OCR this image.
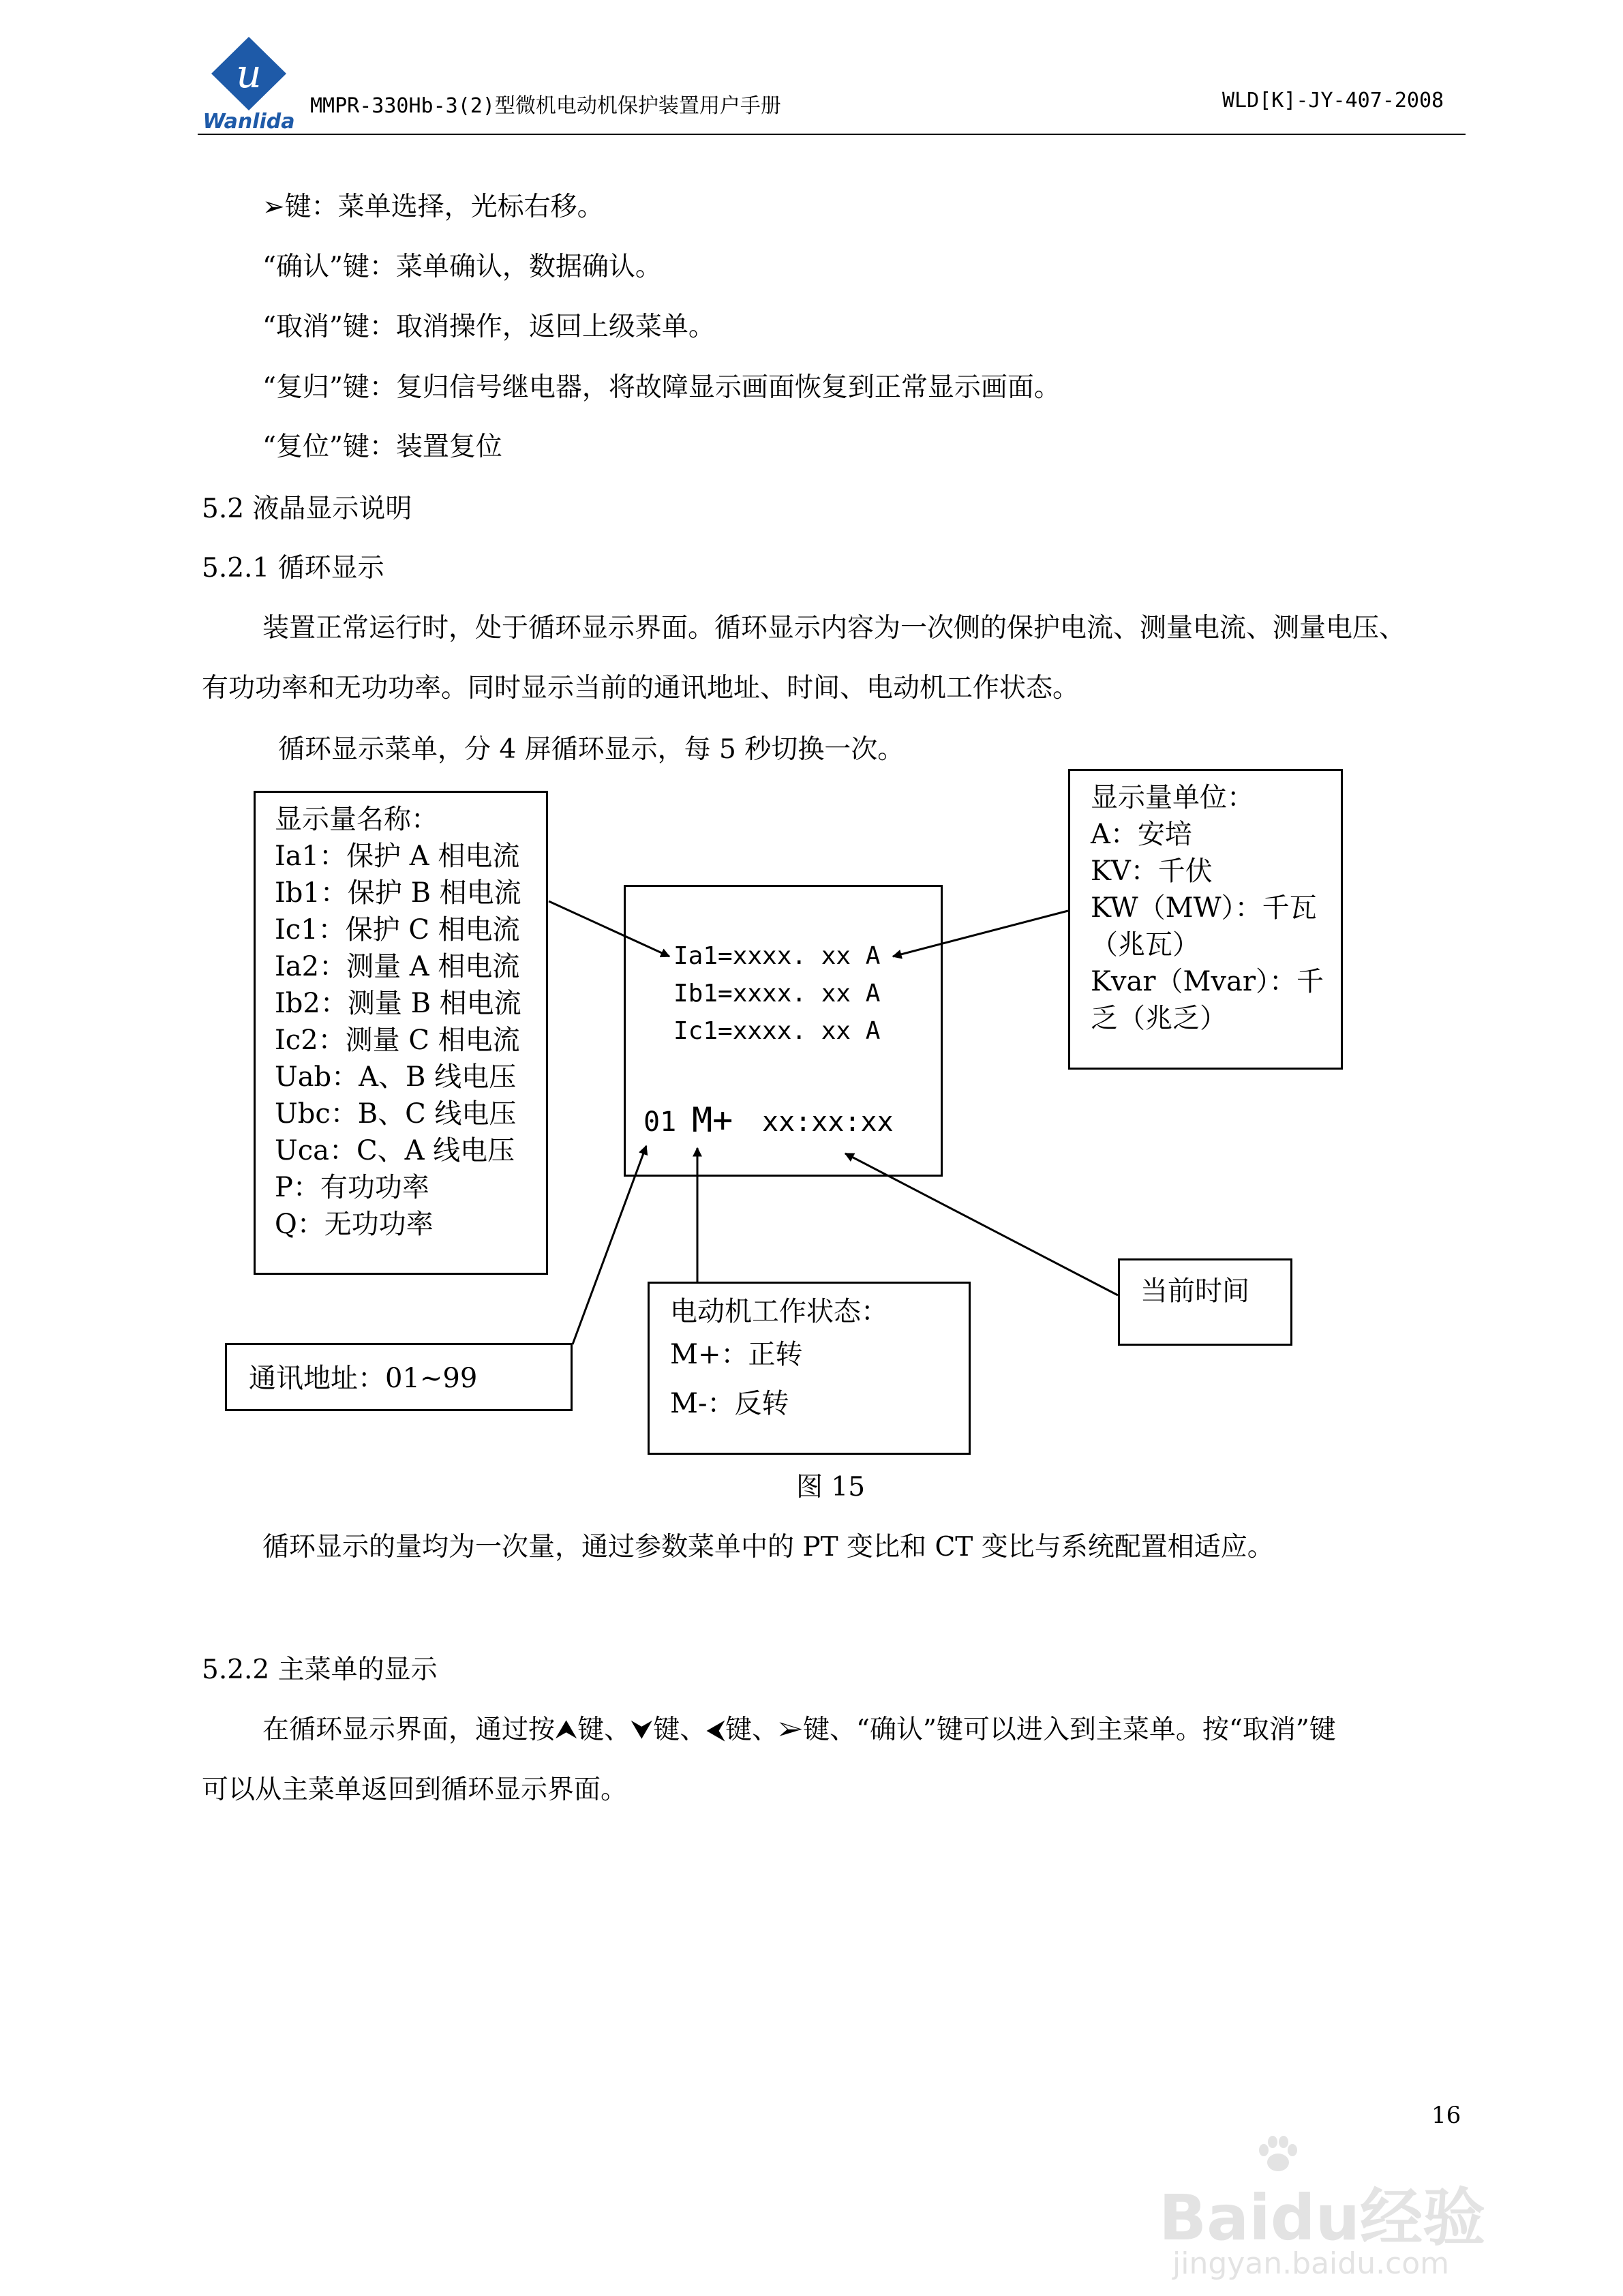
u
Wanlida
MMPR-330Hb-3(2)型微机电动机保护装置用户手册	WLD[K]-JY-407-2008
➢键：菜单选择，光标右移。
“确认”键：菜单确认，数据确认。
“取消”键：取消操作，返回上级菜单。
“复归”键：复归信号继电器，将故障显示画面恢复到正常显示画面。
“复位”键：装置复位
5.2 液晶显示说明
5.2.1 循环显示
装置正常运行时，处于循环显示界面。循环显示内容为一次侧的保护电流、测量电流、测量电压、
有功功率和无功功率。同时显示当前的通讯地址、时间、电动机工作状态。
循环显示菜单，分 4 屏循环显示，每 5 秒切换一次。
显示量名称：
Ia1：保护 A 相电流
Ib1：保护 B 相电流
Ic1：保护 C 相电流
Ia2：测量 A 相电流
Ib2：测量 B 相电流
Ic2：测量 C 相电流
Uab：A、B 线电压
Ubc：B、C 线电压
Uca：C、A 线电压
P：有功功率
Q：无功功率
Ia1=xxxx. xx A
Ib1=xxxx. xx A
Ic1=xxxx. xx A
01 M+ xx:xx:xx
显示量单位：
A：安培
KV：千伏
KW（MW）：千瓦
（兆瓦）
Kvar（Mvar）：千
乏（兆乏）
当前时间
电动机工作状态：
M+：正转
M-：反转
通讯地址：01~99
图 15
循环显示的量均为一次量，通过参数菜单中的 PT 变比和 CT 变比与系统配置相适应。
5.2.2 主菜单的显示
在循环显示界面，通过按⮝键、⮟键、⮜键、➢键、“确认”键可以进入到主菜单。按“取消”键
可以从主菜单返回到循环显示界面。
Baidu经验
jingyan.baidu.com
16
